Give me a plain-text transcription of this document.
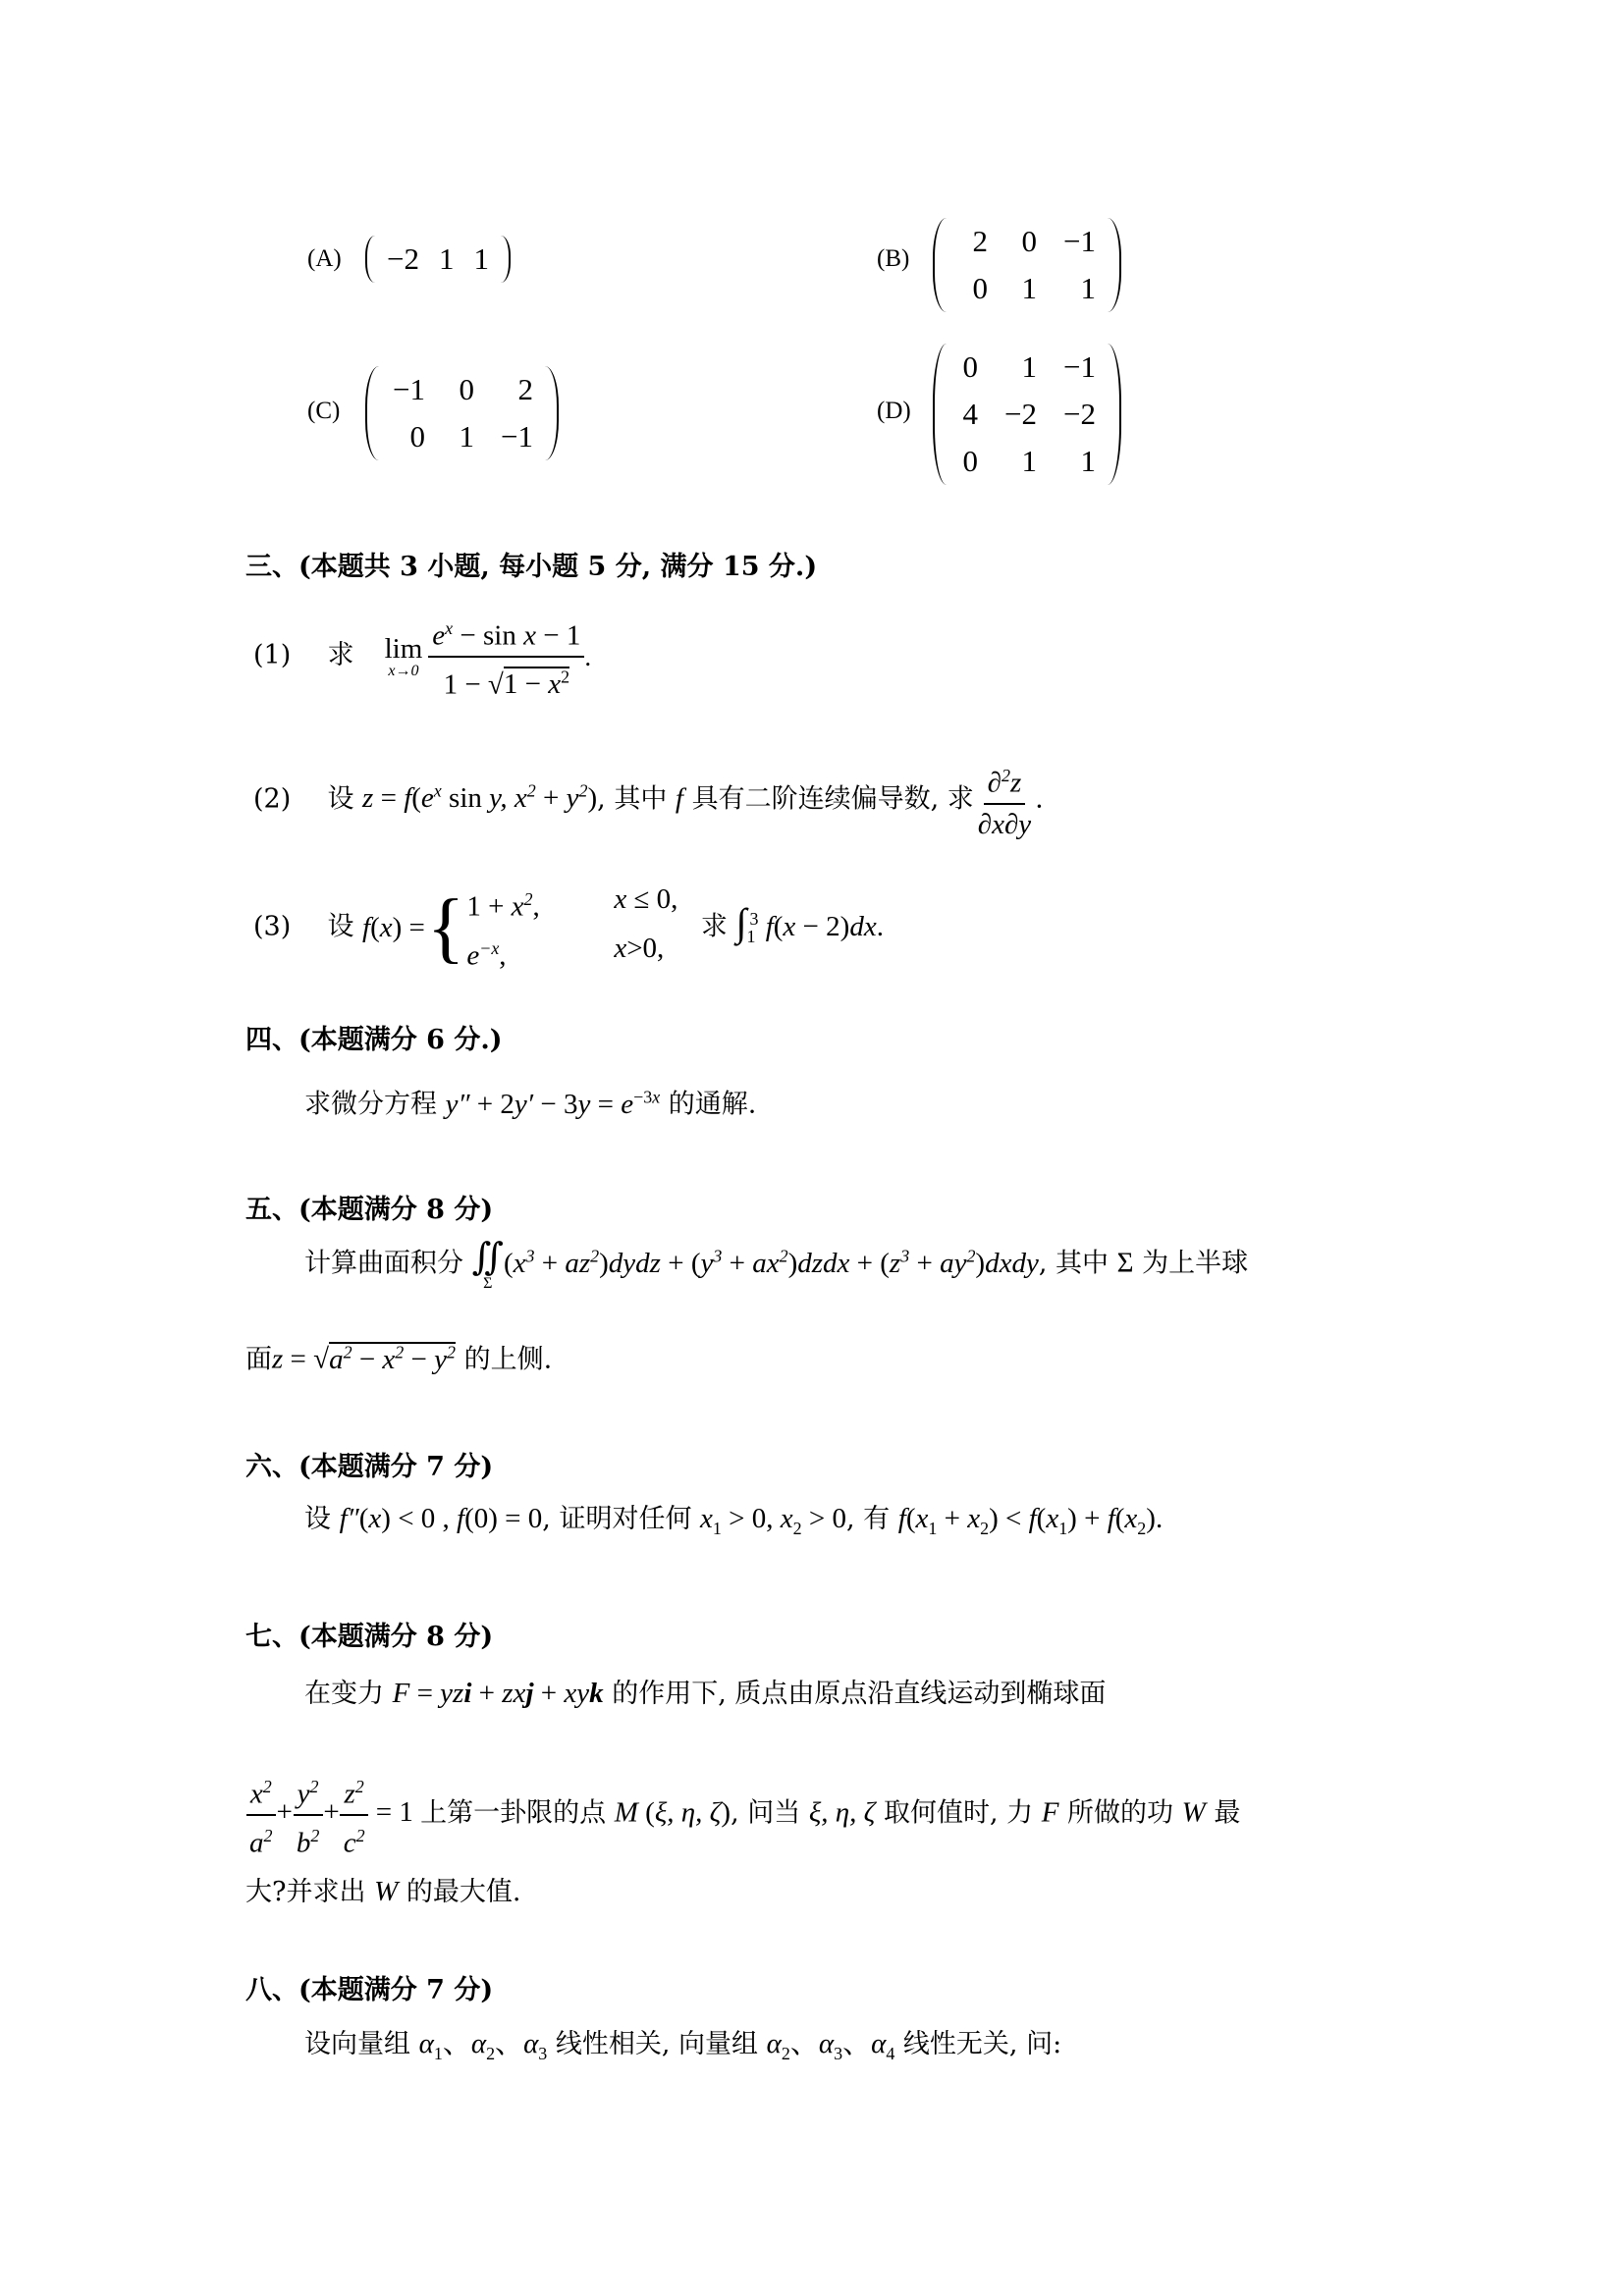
(A)	−2 1 1	(B)
2	0 −1
0	1	1
(C)
−1	0	2
0	1 −1
(D)
0	1 −1
4 −2 −2
0	1	1
三、(本题共 3 小题, 每小题 5 分, 满分 15 分.)
(1) 求 lim
$x\to 0 \frac{e^x - \sin x - 1}{1 - √1 - x^2}$ .
(2) 设 $z = f(e^x$ sin y, $x^2 + y^2$), 其中 f 具有二阶连续偏导数, 求 $\frac{\partial^2z}{\partial x\partial y}$ .
(3) 设 f ( x ) = { $1 + x^2$,	x ≤ 0,
$e^{-x}$,	x>0,
求 $\int_1^3$ f(x − 2)dx.
四、(本题满分 6 分.)
求微分方程 $y'' + 2y' - 3y = e^{-3x}$ 的通解.
五、(本题满分 8 分)
计算曲面积分 ∬
Σ
($x^3$ + $az^2)dydz + (y^3$ + $ax^2)dzdx + (z^3$ + $ay^2)dxdy$, 其中 Σ 为上半球
面$z = √a^2 - x^2 - y^2$ 的上侧.
六、(本题满分 7 分)
设 f″(x) < 0 , f(0) = 0, 证明对任何 $x_1 > 0$, $x_2 > 0$, 有 $f(x_1 + x_2) < f(x_1) + f(x_2)$.
七、(本题满分 8 分)
在变力 F = yzi + zxj + xyk 的作用下, 质点由原点沿直线运动到椭球面
$\frac{x^2}{a^2} + \frac{y^2}{b^2} + \frac{z^2}{c^2} = 1$ 上第一卦限的点 M (ξ, η, ζ), 问当 ξ, η, ζ 取何值时, 力 F 所做的功 W 最
大?并求出 W 的最大值.
八、(本题满分 7 分)
设向量组 $\alpha_1$、$\alpha_2$、$\alpha_3$ 线性相关, 向量组 $\alpha_2$、$\alpha_3$、$\alpha_4$ 线性无关, 问:
